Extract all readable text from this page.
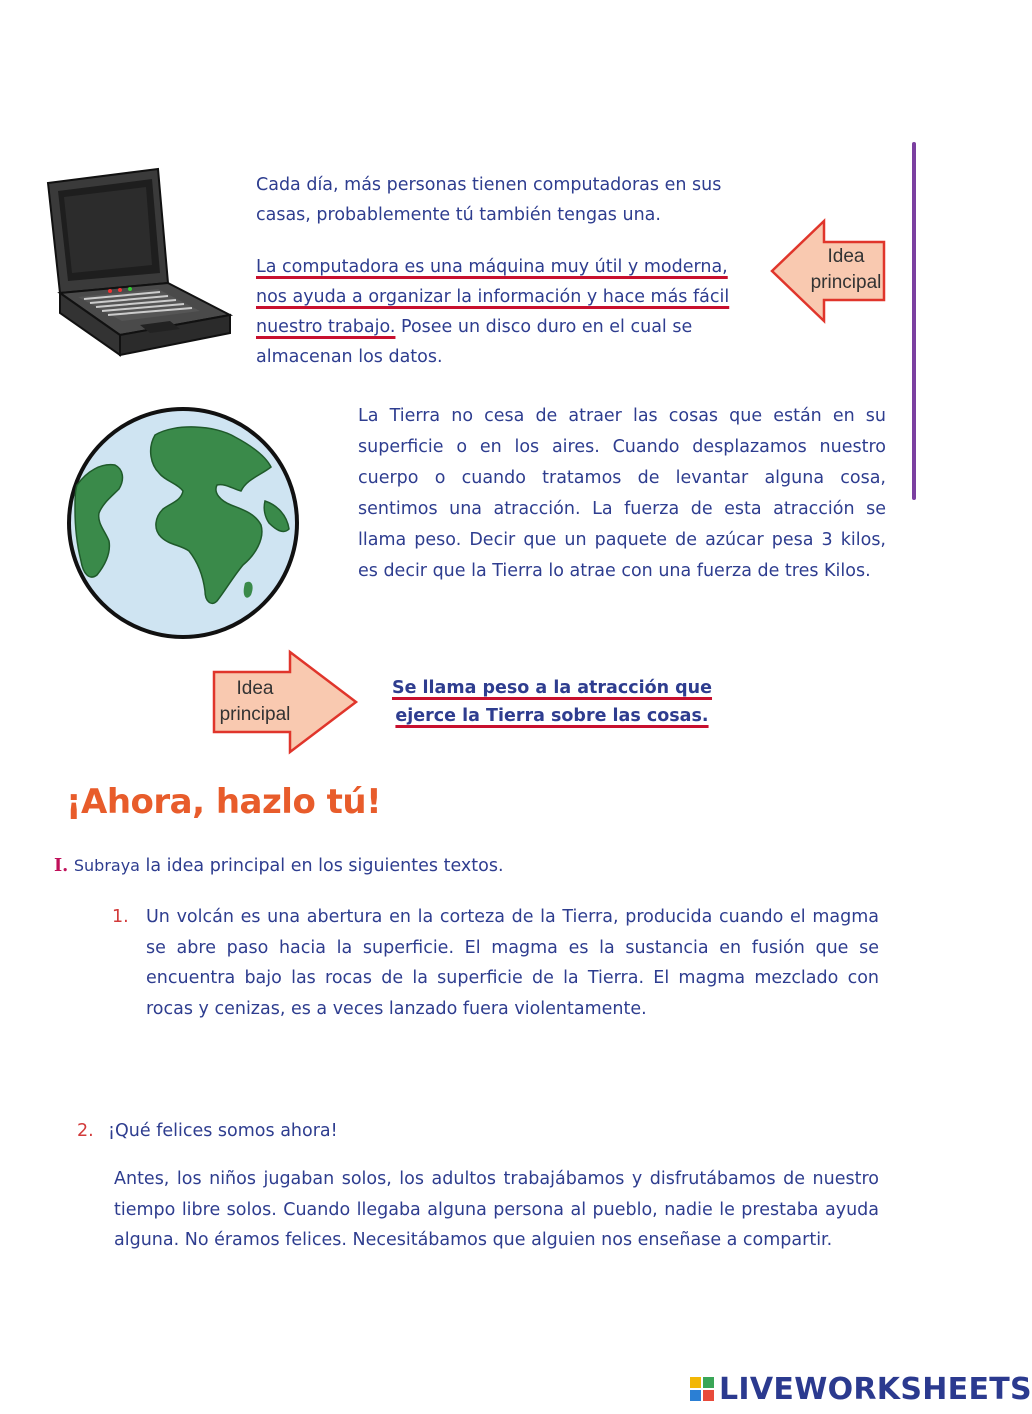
Cada día, más personas tienen computadoras en sus casas, probablemente tú también tengas una.
La computadora es una máquina muy útil y moderna, nos ayuda a organizar la información y hace más fácil nuestro trabajo. Posee un disco duro en el cual se almacenan los datos.
Idea
principal
La Tierra no cesa de atraer las cosas que están en su superficie o en los aires. Cuando desplazamos nuestro cuerpo o cuando tratamos de levantar alguna cosa, sentimos una atracción. La fuerza de esta atracción se llama peso. Decir que un paquete de azúcar pesa 3 kilos, es decir que la Tierra lo atrae con una fuerza de tres Kilos.
Idea
principal
Se llama peso a la atracción que
ejerce la Tierra sobre las cosas.
¡Ahora, hazlo tú!
I. Subraya la idea principal en los siguientes textos.
1. Un volcán es una abertura en la corteza de la Tierra, producida cuando el magma se abre paso hacia la superficie. El magma es la sustancia en fusión que se encuentra bajo las rocas de la superficie de la Tierra. El magma mezclado con rocas y cenizas, es a veces lanzado fuera violentamente.
2. ¡Qué felices somos ahora!
Antes, los niños jugaban solos, los adultos trabajábamos y disfrutábamos de nuestro tiempo libre solos. Cuando llegaba alguna persona al pueblo, nadie le prestaba ayuda alguna. No éramos felices. Necesitábamos que alguien nos enseñase a compartir.
LIVEWORKSHEETS
